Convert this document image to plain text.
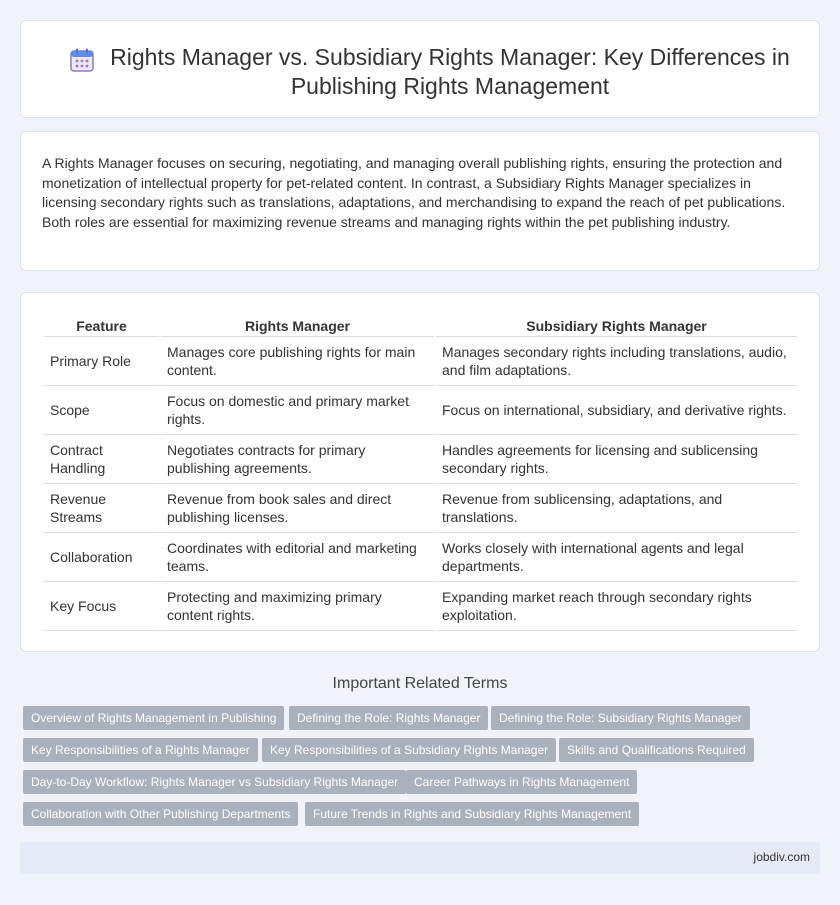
Rights Manager vs. Subsidiary Rights Manager: Key Differences in Publishing Rights Management

A Rights Manager focuses on securing, negotiating, and managing overall publishing rights, ensuring the protection and monetization of intellectual property for pet-related content. In contrast, a Subsidiary Rights Manager specializes in licensing secondary rights such as translations, adaptations, and merchandising to expand the reach of pet publications. Both roles are essential for maximizing revenue streams and managing rights within the pet publishing industry.

Feature	Rights Manager	Subsidiary Rights Manager
Primary Role	Manages core publishing rights for main content.	Manages secondary rights including translations, audio, and film adaptations.
Scope	Focus on domestic and primary market rights.	Focus on international, subsidiary, and derivative rights.
Contract Handling	Negotiates contracts for primary publishing agreements.	Handles agreements for licensing and sublicensing secondary rights.
Revenue Streams	Revenue from book sales and direct publishing licenses.	Revenue from sublicensing, adaptations, and translations.
Collaboration	Coordinates with editorial and marketing teams.	Works closely with international agents and legal departments.
Key Focus	Protecting and maximizing primary content rights.	Expanding market reach through secondary rights exploitation.
Important Related Terms
Overview of Rights Management in Publishing	Defining the Role: Rights Manager	Defining the Role: Subsidiary Rights Manager
Key Responsibilities of a Rights Manager	Key Responsibilities of a Subsidiary Rights Manager	Skills and Qualifications Required
Day-to-Day Workflow: Rights Manager vs Subsidiary Rights Manager	Career Pathways in Rights Management
Collaboration with Other Publishing Departments	Future Trends in Rights and Subsidiary Rights Management
jobdiv.com
